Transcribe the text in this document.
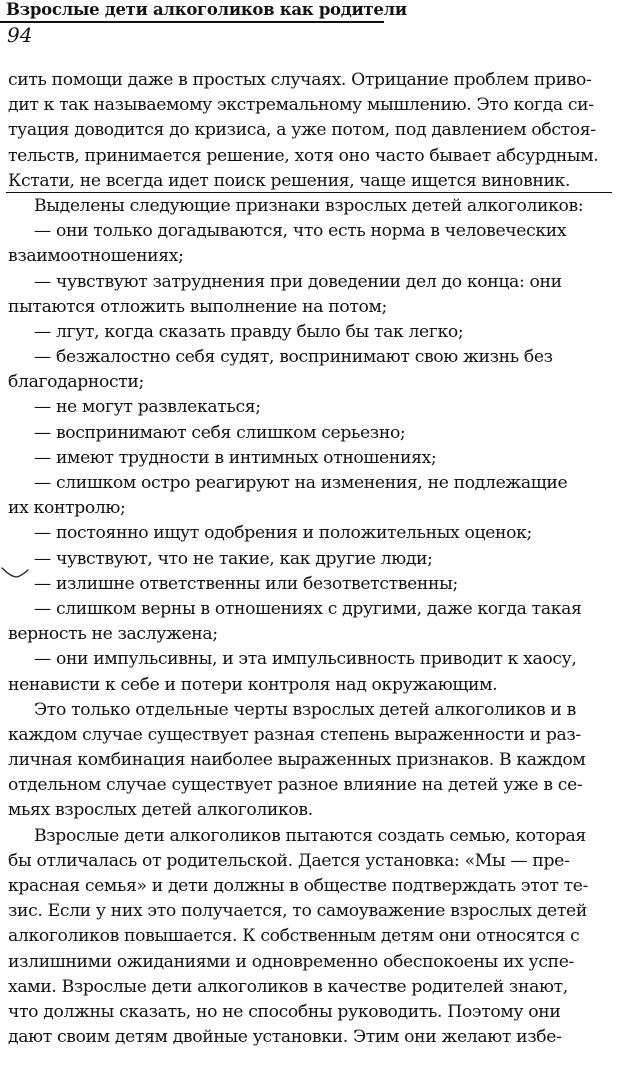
Взрослые дети алкоголиков как родители
94
сить помощи даже в простых случаях. Отрицание проблем приво-
дит к так называемому экстремальному мышлению. Это когда си-
туация доводится до кризиса, а уже потом, под давлением обстоя-
тельств, принимается решение, хотя оно часто бывает абсурдным.
Кстати, не всегда идет поиск решения, чаще ищется виновник.
Выделены следующие признаки взрослых детей алкоголиков:
— они только догадываются, что есть норма в человеческих
взаимоотношениях;
— чувствуют затруднения при доведении дел до конца: они
пытаются отложить выполнение на потом;
— лгут, когда сказать правду было бы так легко;
— безжалостно себя судят, воспринимают свою жизнь без
благодарности;
— не могут развлекаться;
— воспринимают себя слишком серьезно;
— имеют трудности в интимных отношениях;
— слишком остро реагируют на изменения, не подлежащие
их контролю;
— постоянно ищут одобрения и положительных оценок;
— чувствуют, что не такие, как другие люди;
— излишне ответственны или безответственны;
— слишком верны в отношениях с другими, даже когда такая
верность не заслужена;
— они импульсивны, и эта импульсивность приводит к хаосу,
ненависти к себе и потери контроля над окружающим.
Это только отдельные черты взрослых детей алкоголиков и в
каждом случае существует разная степень выраженности и раз-
личная комбинация наиболее выраженных признаков. В каждом
отдельном случае существует разное влияние на детей уже в се-
мьях взрослых детей алкоголиков.
Взрослые дети алкоголиков пытаются создать семью, которая
бы отличалась от родительской. Дается установка: «Мы — пре-
красная семья» и дети должны в обществе подтверждать этот те-
зис. Если у них это получается, то самоуважение взрослых детей
алкоголиков повышается. К собственным детям они относятся с
излишними ожиданиями и одновременно обеспокоены их успе-
хами. Взрослые дети алкоголиков в качестве родителей знают,
что должны сказать, но не способны руководить. Поэтому они
дают своим детям двойные установки. Этим они желают избе-
